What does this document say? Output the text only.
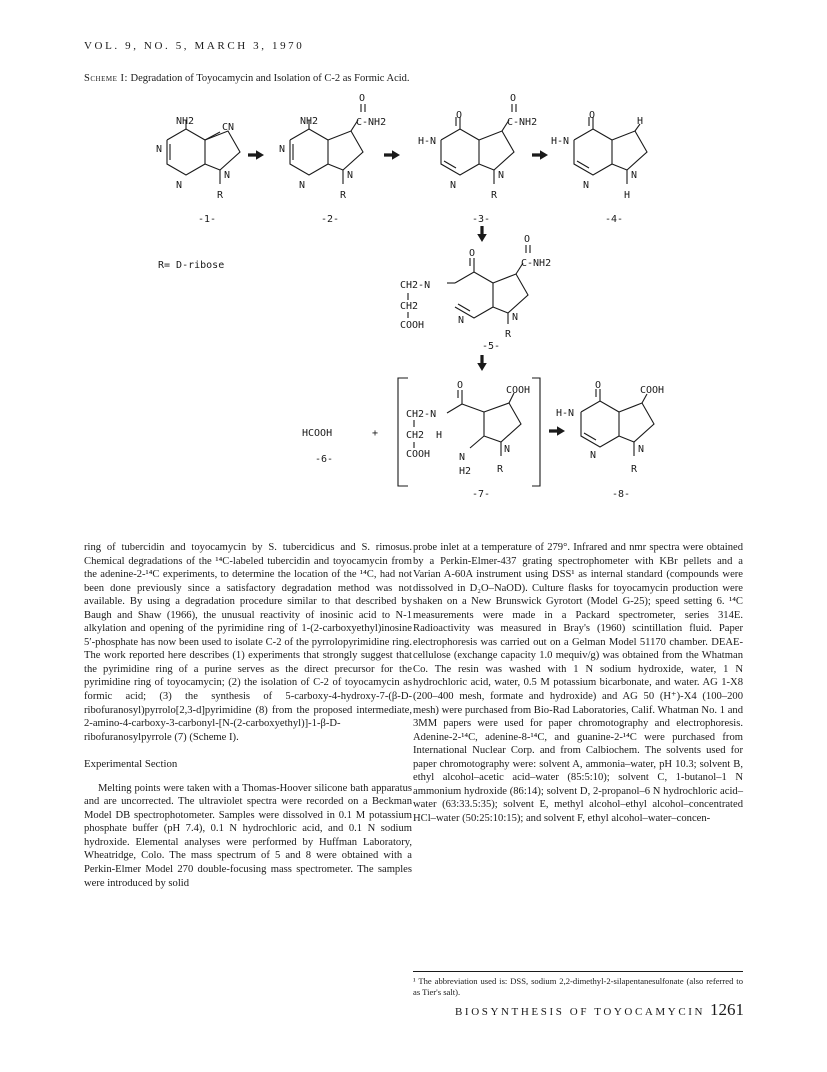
VOL. 9, NO. 5, MARCH 3, 1970
Scheme I: Degradation of Toyocamycin and Isolation of C-2 as Formic Acid.
NH2
CN
N
N
N
R
-1-
O
NH2	C-NH2
N
N
N
R
-2-
O
O
C-NH2
H-N
N
N
R
-3-
O
H
H-N
N
N
H
-4-
R= D-ribose
O
O
C-NH2
CH2-N
CH2
COOH	N	N
R
-5-
HCOOH	+
-6-
O	COOH
CH2-N
CH2 H
COOH	N
H2
N
R
-7-
O	COOH
H-N
N
N
R
-8-

ring of tubercidin and toyocamycin by S. tubercidicus and S. rimosus. Chemical degradations of the ¹⁴C-labeled tubercidin and toyocamycin from the adenine-2-¹⁴C experiments, to determine the location of the ¹⁴C, had not been done previously since a satisfactory degradation method was not available. By using a degradation procedure similar to that described by Baugh and Shaw (1966), the unusual reactivity of inosinic acid to N-1 alkylation and opening of the pyrimidine ring of 1-(2-carboxyethyl)inosine 5′-phosphate has now been used to isolate C-2 of the pyrrolopyrimidine ring. The work reported here describes (1) experiments that strongly suggest that the pyrimidine ring of a purine serves as the direct precursor for the pyrimidine ring of toyocamycin; (2) the isolation of C-2 of toyocamycin as formic acid; (3) the synthesis of 5-carboxy-4-hydroxy-7-(β-D-ribofuranosyl)pyrrolo[2,3-d]pyrimidine (8) from the proposed intermediate, 2-amino-4-carboxy-3-carbonyl-[N-(2-carboxyethyl)]-1-β-D-ribofuranosylpyrrole (7) (Scheme I).

Experimental Section

Melting points were taken with a Thomas-Hoover silicone bath apparatus and are uncorrected. The ultraviolet spectra were recorded on a Beckman Model DB spectrophotometer. Samples were dissolved in 0.1 M potassium phosphate buffer (pH 7.4), 0.1 N hydrochloric acid, and 0.1 N sodium hydroxide. Elemental analyses were performed by Huffman Laboratory, Wheatridge, Colo. The mass spectrum of 5 and 8 were obtained with a Perkin-Elmer Model 270 double-focusing mass spectrometer. The samples were introduced by solid

probe inlet at a temperature of 279°. Infrared and nmr spectra were obtained by a Perkin-Elmer-437 grating spectrophometer with KBr pellets and a Varian A-60A instrument using DSS¹ as internal standard (compounds were dissolved in D₂O–NaOD). Culture flasks for toyocamycin production were shaken on a New Brunswick Gyrotort (Model G-25); speed setting 6. ¹⁴C measurements were made in a Packard spectrometer, series 314E. Radioactivity was measured in Bray's (1960) scintillation fluid. Paper electrophoresis was carried out on a Gelman Model 51170 chamber. DEAE-cellulose (exchange capacity 1.0 mequiv/g) was obtained from the Whatman Co. The resin was washed with 1 N sodium hydroxide, water, 1 N hydrochloric acid, water, 0.5 M potassium bicarbonate, and water. AG 1-X8 (200–400 mesh, formate and hydroxide) and AG 50 (H⁺)-X4 (100–200 mesh) were purchased from Bio-Rad Laboratories, Calif. Whatman No. 1 and 3MM papers were used for paper chromotography and electrophoresis. Adenine-2-¹⁴C, adenine-8-¹⁴C, and guanine-2-¹⁴C were purchased from International Nuclear Corp. and from Calbiochem. The solvents used for paper chromotography were: solvent A, ammonia–water, pH 10.3; solvent B, ethyl alcohol–acetic acid–water (85:5:10); solvent C, 1-butanol–1 N ammonium hydroxide (86:14); solvent D, 2-propanol–6 N hydrochloric acid–water (63:33.5:35); solvent E, methyl alcohol–ethyl alcohol–concentrated HCl–water (50:25:10:15); and solvent F, ethyl alcohol–water–concen-

¹ The abbreviation used is: DSS, sodium 2,2-dimethyl-2-silapentanesulfonate (also referred to as Tier's salt).
BIOSYNTHESIS OF TOYOCAMYCIN 1261
